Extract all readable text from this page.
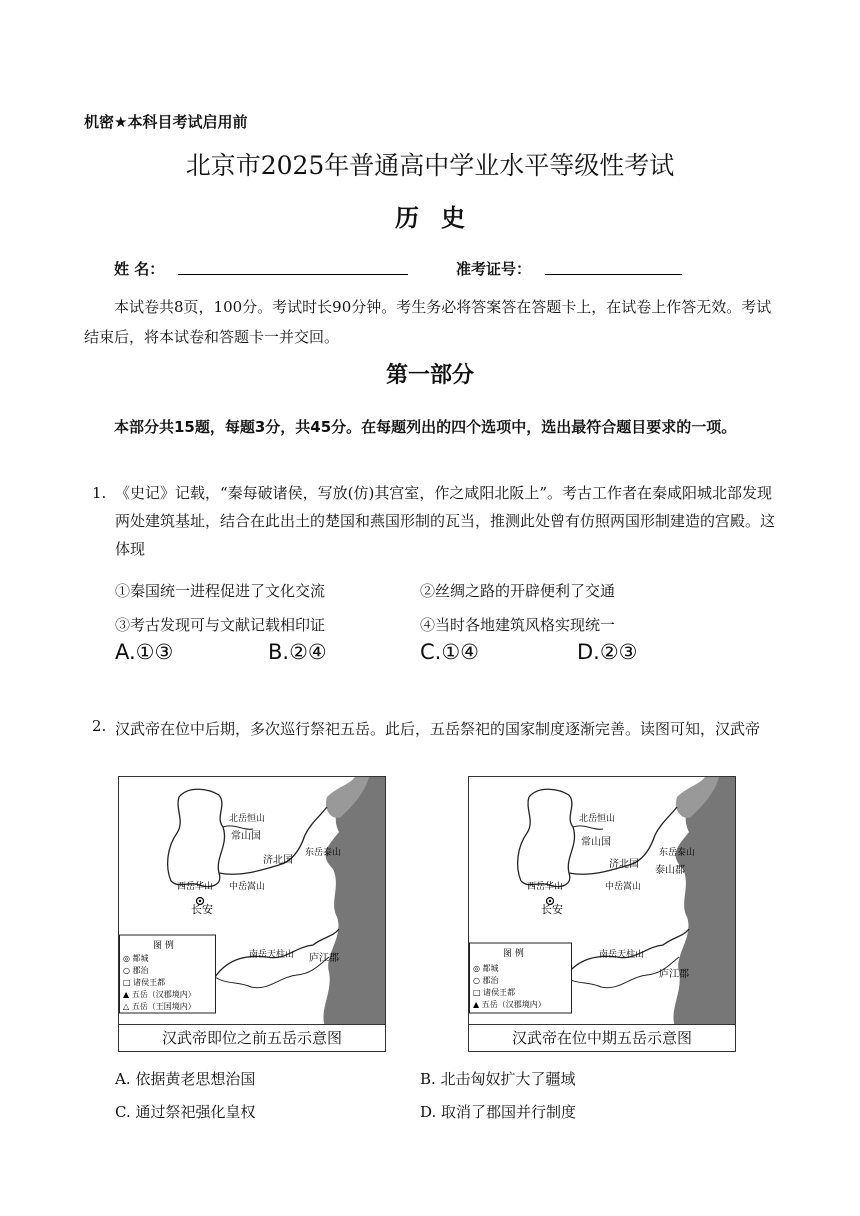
机密★本科目考试启用前
北京市2025年普通高中学业水平等级性考试
历史
姓 名：	准考证号：
本试卷共8页，100分。考试时长90分钟。考生务必将答案答在答题卡上，在试卷上作答无效。考试结束后，将本试卷和答题卡一并交回。
第一部分
本部分共15题，每题3分，共45分。在每题列出的四个选项中，选出最符合题目要求的一项。
1. 《史记》记载，“秦每破诸侯，写放(仿)其宫室，作之咸阳北阪上”。考古工作者在秦咸阳城北部发现两处建筑基址，结合在此出土的楚国和燕国形制的瓦当，推测此处曾有仿照两国形制建造的宫殿。这体现
①秦国统一进程促进了文化交流	②丝绸之路的开辟便利了交通
③考古发现可与文献记载相印证	④当时各地建筑风格实现统一
A.①③	B.②④	C.①④	D.②③
2. 汉武帝在位中后期，多次巡行祭祀五岳。此后，五岳祭祀的国家制度逐渐完善。读图可知，汉武帝
北岳恒山
常山国
济北国
东岳泰山
西岳华山 中岳嵩山
长安
南岳天柱山 庐江郡
图 例
◎ 都城
○ 郡治
□ 诸侯王都
▲ 五岳（汉郡境内）
△ 五岳（王国境内）
汉武帝即位之前五岳示意图
北岳恒山
常山国
济北国
东岳泰山
泰山郡
西岳华山	中岳嵩山
长安
南岳天柱山
庐江郡
图 例
◎ 都城
○ 郡治
□ 诸侯王都
▲ 五岳（汉郡境内）
汉武帝在位中期五岳示意图
A. 依据黄老思想治国	B. 北击匈奴扩大了疆域
C. 通过祭祀强化皇权	D. 取消了郡国并行制度
